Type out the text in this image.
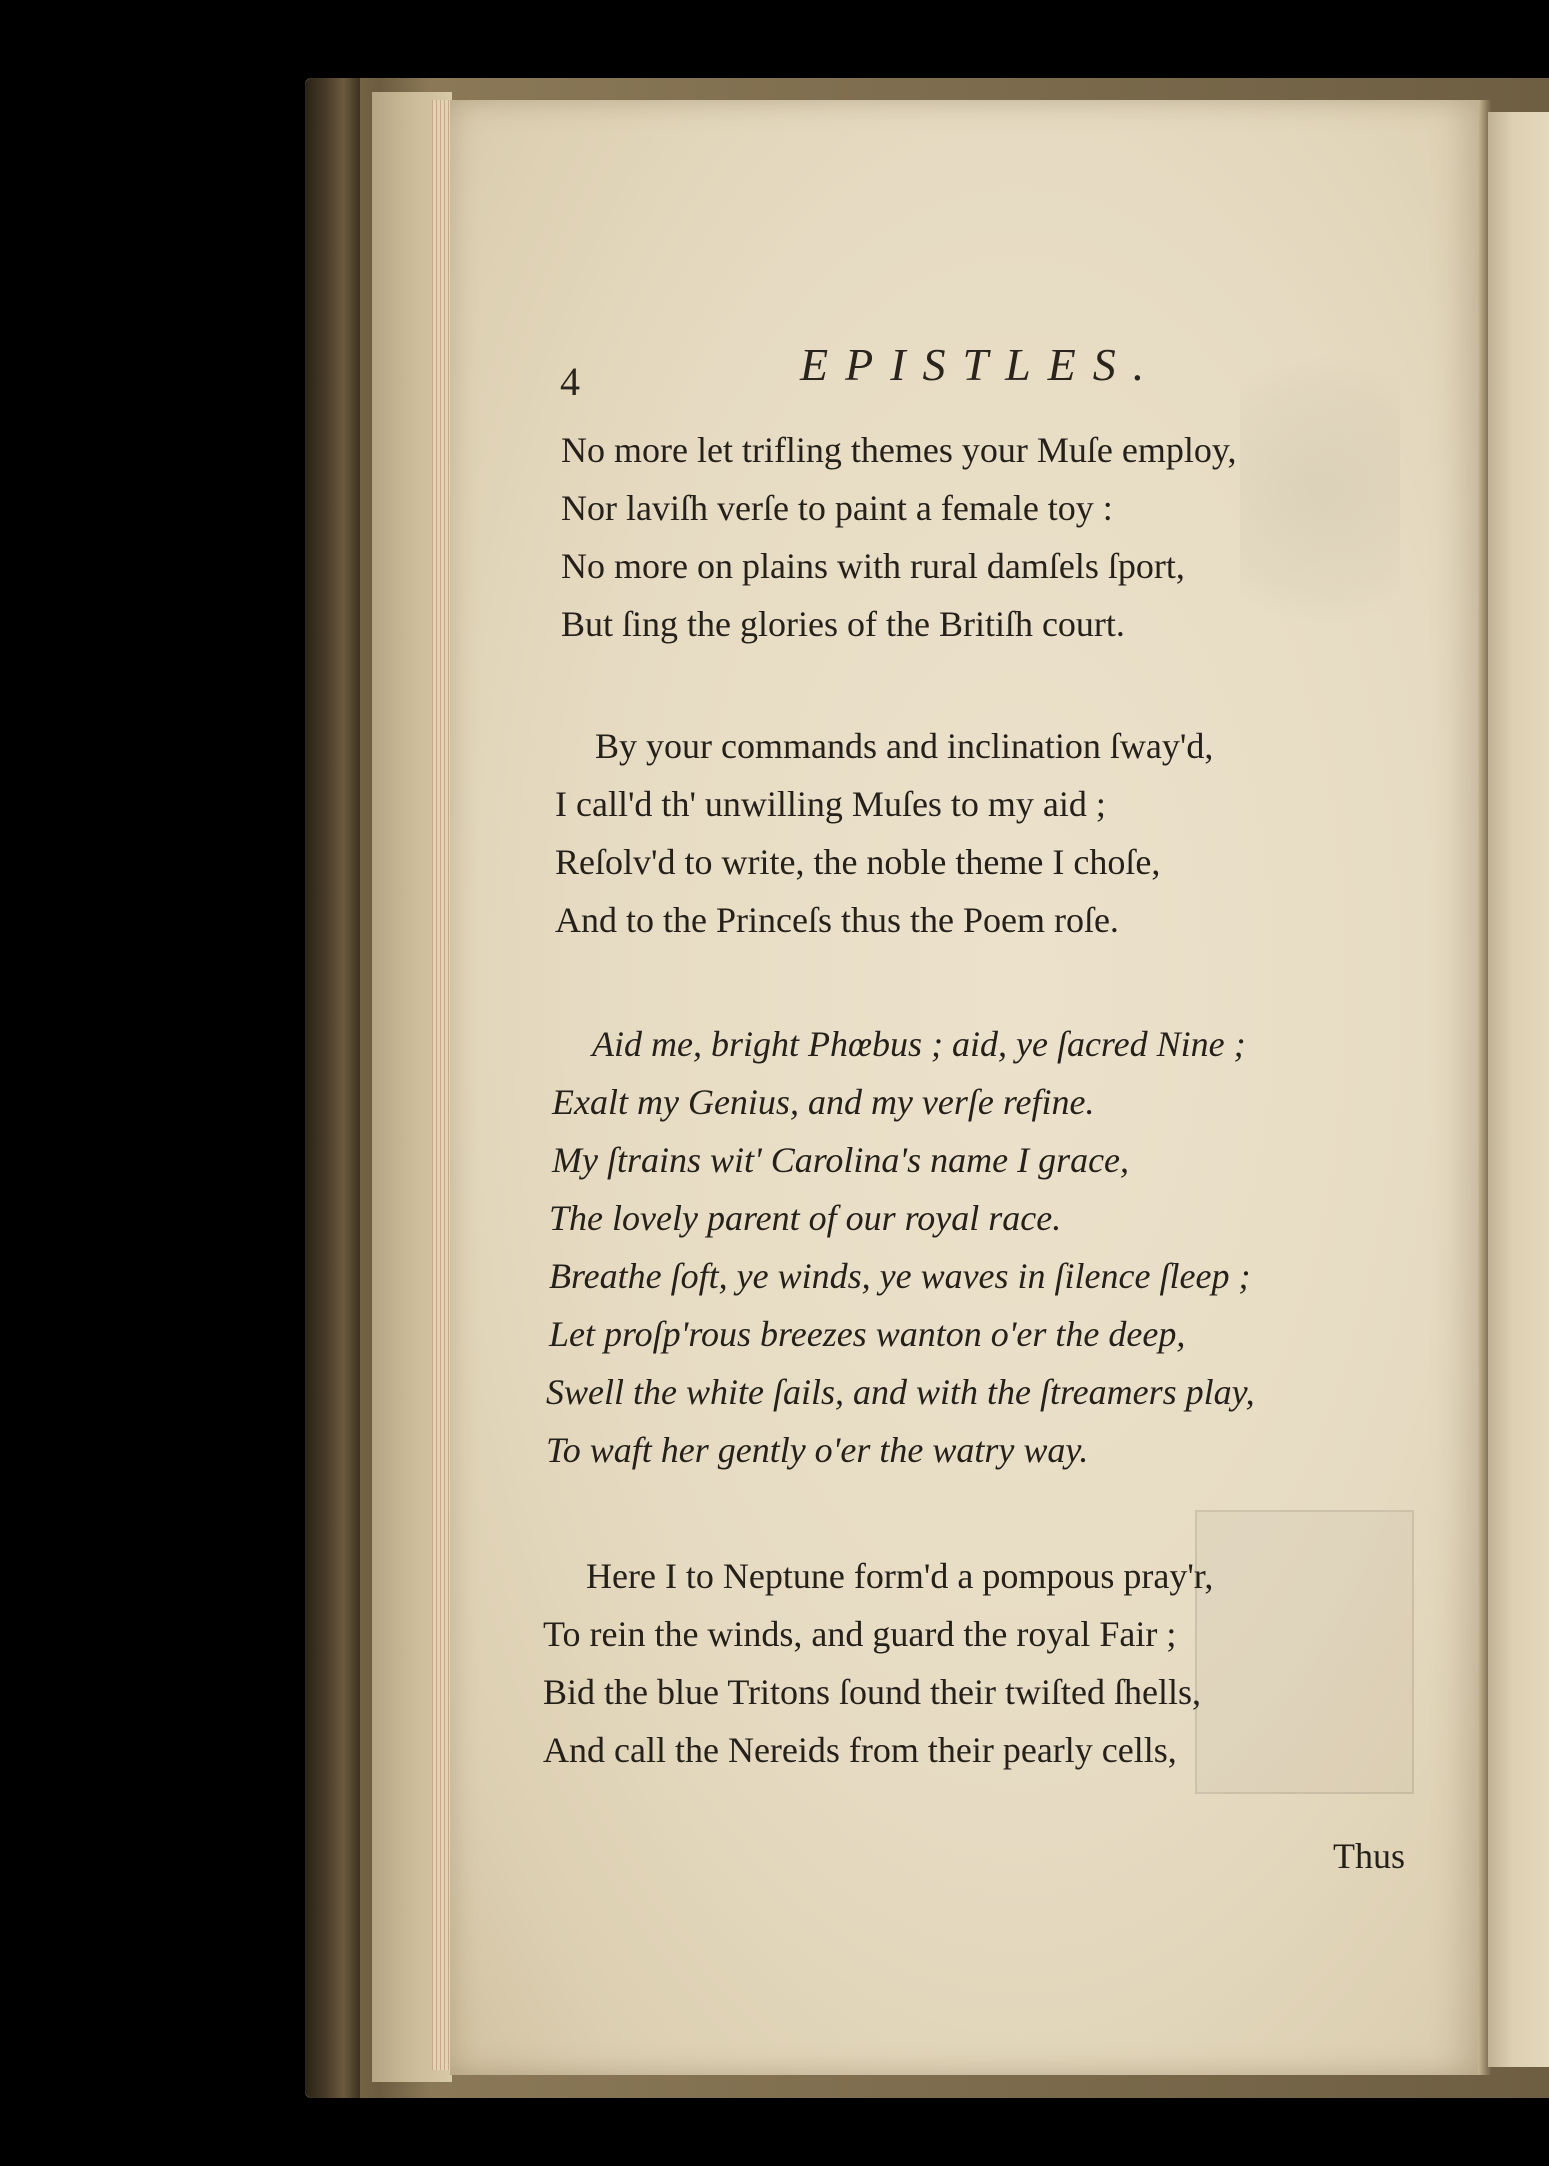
4	EPISTLES.
No more let trifling themes your Muſe employ,
Nor laviſh verſe to paint a female toy :
No more on plains with rural damſels ſport,
But ſing the glories of the Britiſh court.
By your commands and inclination ſway'd,
I call'd th' unwilling Muſes to my aid ;
Reſolv'd to write, the noble theme I choſe,
And to the Princeſs thus the Poem roſe.
Aid me, bright Phœbus ; aid, ye ſacred Nine ;
Exalt my Genius, and my verſe refine.
My ſtrains wit' Carolina's name I grace,
The lovely parent of our royal race.
Breathe ſoft, ye winds, ye waves in ſilence ſleep ;
Let proſp'rous breezes wanton o'er the deep,
Swell the white ſails, and with the ſtreamers play,
To waft her gently o'er the watry way.
Here I to Neptune form'd a pompous pray'r,
To rein the winds, and guard the royal Fair ;
Bid the blue Tritons ſound their twiſted ſhells,
And call the Nereids from their pearly cells,
Thus
